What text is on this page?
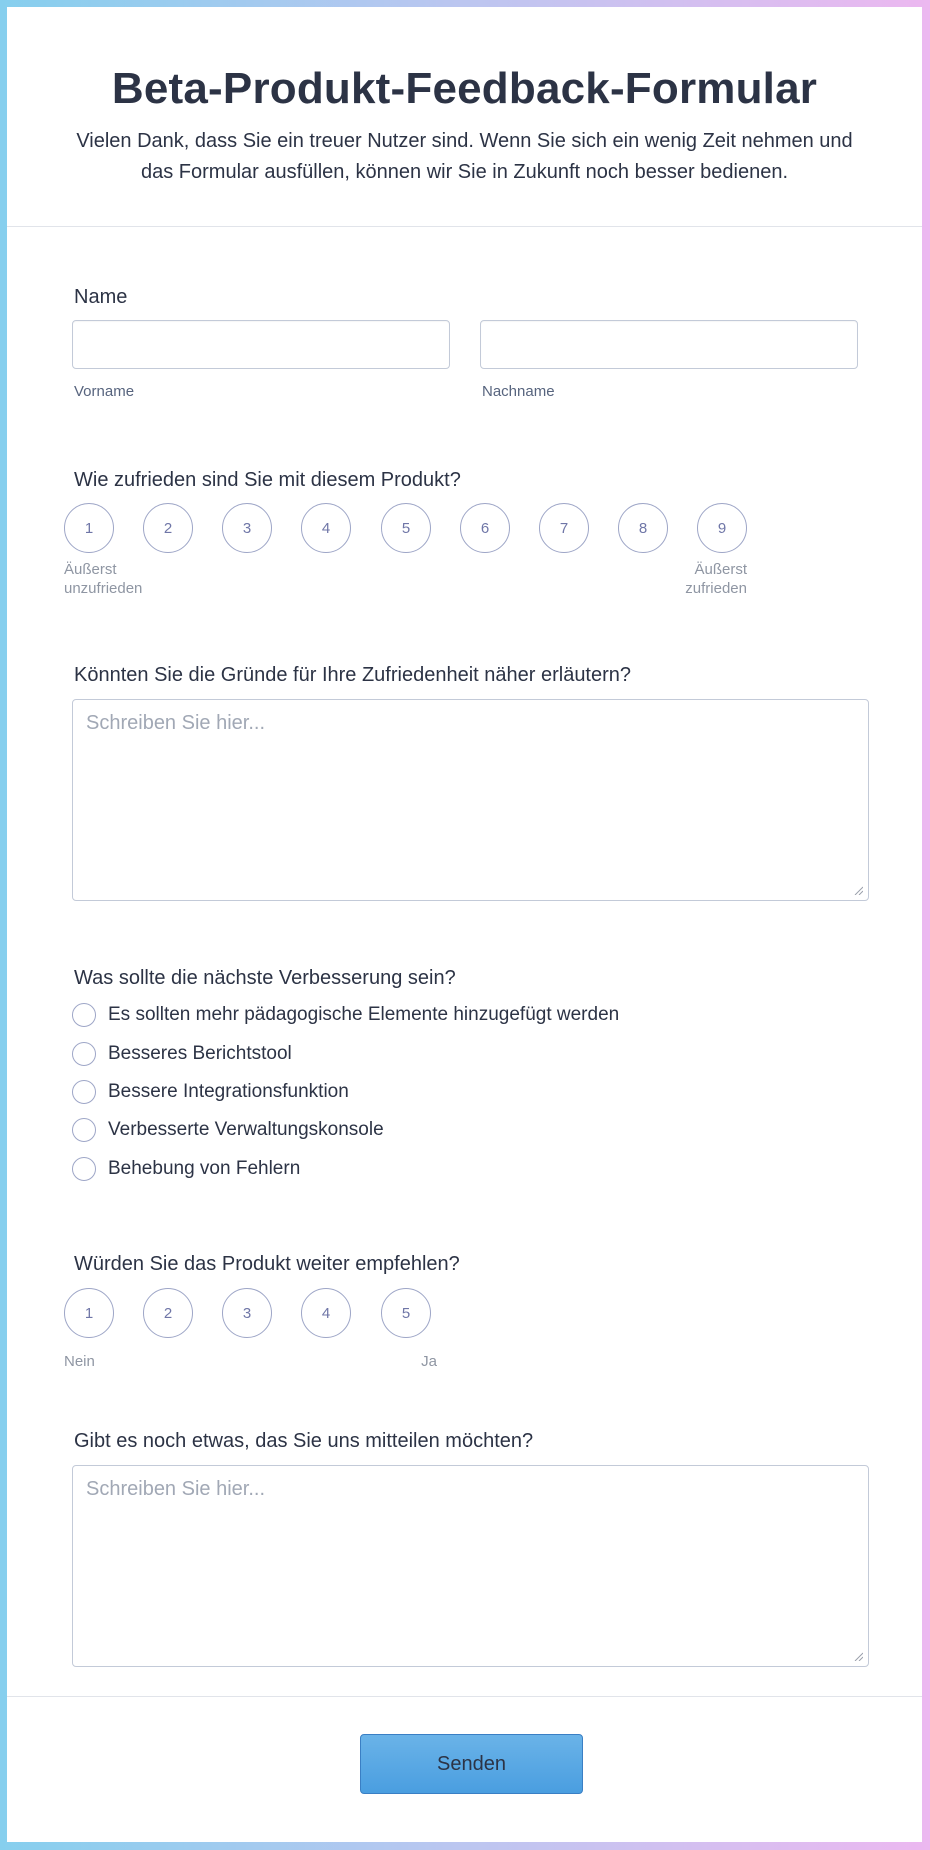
Beta-Produkt-Feedback-Formular

Vielen Dank, dass Sie ein treuer Nutzer sind. Wenn Sie sich ein wenig Zeit nehmen und das Formular ausfüllen, können wir Sie in Zukunft noch besser bedienen.

Name
Vorname	Nachname
Wie zufrieden sind Sie mit diesem Produkt?
1	2	3	4	5	6	7	8	9
Äußerst unzufrieden
Äußerst zufrieden
Könnten Sie die Gründe für Ihre Zufriedenheit näher erläutern?
Schreiben Sie hier...
Was sollte die nächste Verbesserung sein?
Es sollten mehr pädagogische Elemente hinzugefügt werden
Besseres Berichtstool
Bessere Integrationsfunktion
Verbesserte Verwaltungskonsole
Behebung von Fehlern
Würden Sie das Produkt weiter empfehlen?
1	2	3	4	5
Nein	Ja
Gibt es noch etwas, das Sie uns mitteilen möchten?
Schreiben Sie hier...
Senden
